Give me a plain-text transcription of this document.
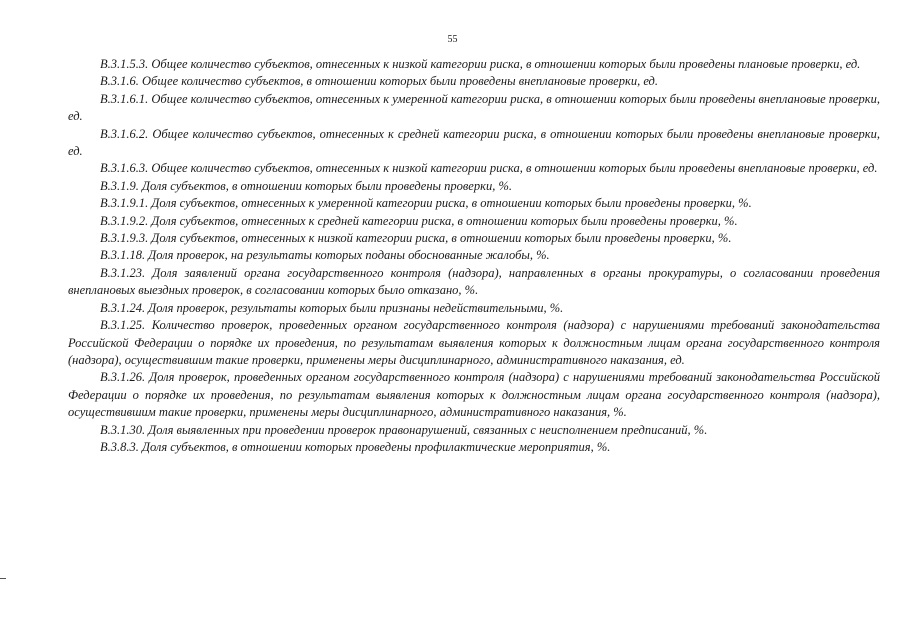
55

В.3.1.5.3. Общее количество субъектов, отнесенных к низкой категории риска, в отношении которых были проведены плановые проверки, ед.

В.3.1.6. Общее количество субъектов, в отношении которых были проведены внеплановые проверки, ед.

В.3.1.6.1. Общее количество субъектов, отнесенных к умеренной категории риска, в отношении которых были проведены внеплановые проверки, ед.

В.3.1.6.2. Общее количество субъектов, отнесенных к средней категории риска, в отношении которых были проведены внеплановые проверки, ед.

В.3.1.6.3. Общее количество субъектов, отнесенных к низкой категории риска, в отношении которых были проведены внеплановые проверки, ед.

В.3.1.9. Доля субъектов, в отношении которых были проведены проверки, %.

В.3.1.9.1. Доля субъектов, отнесенных к умеренной категории риска, в отношении которых были проведены проверки, %.

В.3.1.9.2. Доля субъектов, отнесенных к средней категории риска, в отношении которых были проведены проверки, %.

В.3.1.9.3. Доля субъектов, отнесенных к низкой категории риска, в отношении которых были проведены проверки, %.

В.3.1.18. Доля проверок, на результаты которых поданы обоснованные жалобы, %.

В.3.1.23. Доля заявлений органа государственного контроля (надзора), направленных в органы прокуратуры, о согласовании проведения внеплановых выездных проверок, в согласовании которых было отказано, %.

В.3.1.24. Доля проверок, результаты которых были признаны недействительными, %.

В.3.1.25. Количество проверок, проведенных органом государственного контроля (надзора) с нарушениями требований законодательства Российской Федерации о порядке их проведения, по результатам выявления которых к должностным лицам органа государственного контроля (надзора), осуществившим такие проверки, применены меры дисциплинарного, административного наказания, ед.

В.3.1.26. Доля проверок, проведенных органом государственного контроля (надзора) с нарушениями требований законодательства Российской Федерации о порядке их проведения, по результатам выявления которых к должностным лицам органа государственного контроля (надзора), осуществившим такие проверки, применены меры дисциплинарного, административного наказания, %.

В.3.1.30. Доля выявленных при проведении проверок правонарушений, связанных с неисполнением предписаний, %.

В.3.8.3. Доля субъектов, в отношении которых проведены профилактические мероприятия, %.
